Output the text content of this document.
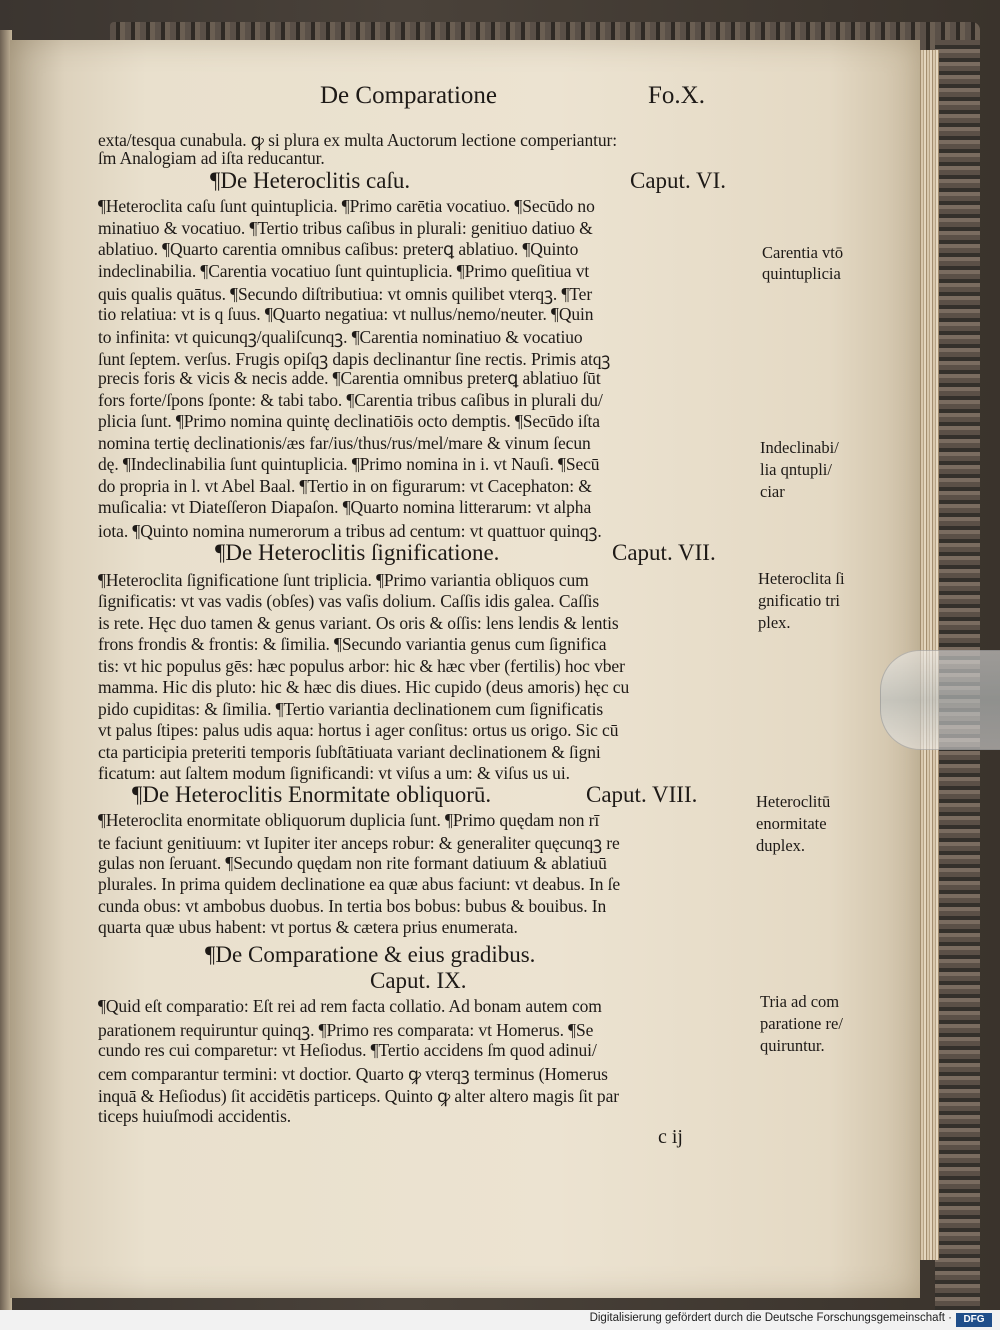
De Comparatione	Fo.X.
exta/tesqua cunabula. ꝙ si plura ex multa Auctorum lectione comperiantur:
ſm Analogiam ad iſta reducantur.
¶De Heteroclitis caſu.	Caput. VI.
¶Heteroclita caſu ſunt quintuplicia. ¶Primo carētia vocatiuo. ¶Secūdo no
minatiuo & vocatiuo. ¶Tertio tribus caſibus in plurali: genitiuo datiuo &
ablatiuo. ¶Quarto carentia omnibus caſibus: preterꝗ ablatiuo. ¶Quinto
indeclinabilia. ¶Carentia vocatiuo ſunt quintuplicia. ¶Primo queſitiua vt
quis qualis quātus. ¶Secundo diſtributiua: vt omnis quilibet vterqꝫ. ¶Ter
tio relatiua: vt is q ſuus. ¶Quarto negatiua: vt nullus/nemo/neuter. ¶Quin
to infinita: vt quicunqꝫ/qualiſcunqꝫ. ¶Carentia nominatiuo & vocatiuo
ſunt ſeptem. verſus. Frugis opiſqꝫ dapis declinantur ſine rectis. Primis atqꝫ
precis foris & vicis & necis adde. ¶Carentia omnibus preterꝗ ablatiuo ſūt
fors forte/ſpons ſponte: & tabi tabo. ¶Carentia tribus caſibus in plurali du/
plicia ſunt. ¶Primo nomina quintę declinatiōis octo demptis. ¶Secūdo iſta
nomina tertię declinationis/æs far/ius/thus/rus/mel/mare & vinum ſecun
dę. ¶Indeclinabilia ſunt quintuplicia. ¶Primo nomina in i. vt Nauſi. ¶Secū
do propria in l. vt Abel Baal. ¶Tertio in on figurarum: vt Cacephaton: &
muſicalia: vt Diateſſeron Diapaſon. ¶Quarto nomina litterarum: vt alpha
iota. ¶Quinto nomina numerorum a tribus ad centum: vt quattuor quinqꝫ.
¶De Heteroclitis ſignificatione.	Caput. VII.
¶Heteroclita ſignificatione ſunt triplicia. ¶Primo variantia obliquos cum
ſignificatis: vt vas vadis (obſes) vas vaſis dolium. Caſſis idis galea. Caſſis
is rete. Hęc duo tamen & genus variant. Os oris & oſſis: lens lendis & lentis
frons frondis & frontis: & ſimilia. ¶Secundo variantia genus cum ſignifica
tis: vt hic populus gēs: hæc populus arbor: hic & hæc vber (fertilis) hoc vber
mamma. Hic dis pluto: hic & hæc dis diues. Hic cupido (deus amoris) hęc cu
pido cupiditas: & ſimilia. ¶Tertio variantia declinationem cum ſignificatis
vt palus ſtipes: palus udis aqua: hortus i ager conſitus: ortus us origo. Sic cū
cta participia preteriti temporis ſubſtātiuata variant declinationem & ſigni
ficatum: aut ſaltem modum ſignificandi: vt viſus a um: & viſus us ui.
¶De Heteroclitis Enormitate obliquorū.	Caput. VIII.
¶Heteroclita enormitate obliquorum duplicia ſunt. ¶Primo quędam non rī
te faciunt genitiuum: vt Iupiter iter anceps robur: & generaliter quęcunqꝫ re
gulas non ſeruant. ¶Secundo quędam non rite formant datiuum & ablatiuū
plurales. In prima quidem declinatione ea quæ abus faciunt: vt deabus. In ſe
cunda obus: vt ambobus duobus. In tertia bos bobus: bubus & bouibus. In
quarta quæ ubus habent: vt portus & cætera prius enumerata.
¶De Comparatione & eius gradibus.
Caput. IX.
¶Quid eſt comparatio: Eſt rei ad rem facta collatio. Ad bonam autem com
parationem requiruntur quinqꝫ. ¶Primo res comparata: vt Homerus. ¶Se
cundo res cui comparetur: vt Heſiodus. ¶Tertio accidens ſm quod adinui/
cem comparantur termini: vt doctior. Quarto ꝙ vterqꝫ terminus (Homerus
inquā & Heſiodus) ſit accidētis particeps. Quinto ꝙ alter altero magis ſit par
ticeps huiuſmodi accidentis.
c ij
Carentia vtō
quintuplicia
Indeclinabi/
lia qntupli/
ciar
Heteroclita ſi
gnificatio tri
plex.
Heteroclitū
enormitate
duplex.
Tria ad com
paratione re/
quiruntur.
Digitalisierung gefördert durch die Deutsche Forschungsgemeinschaft ·	DFG
